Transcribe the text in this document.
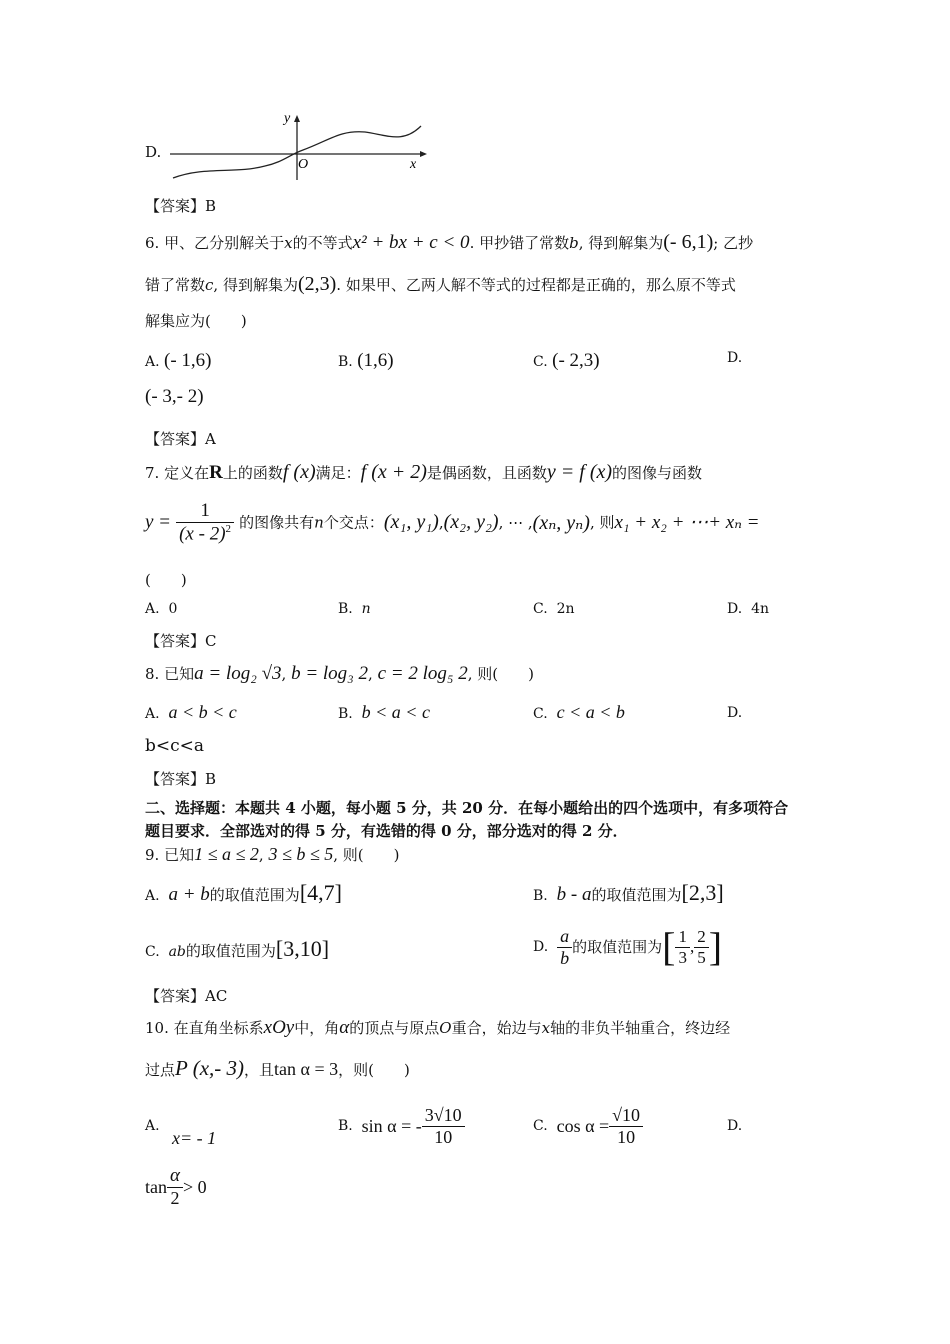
D.
y
x
O
【答案】B
6. 甲、乙分别解关于x的不等式x² + bx + c < 0. 甲抄错了常数b, 得到解集为(- 6,1); 乙抄
错了常数c, 得到解集为(2,3). 如果甲、乙两人解不等式的过程都是正确的，那么原不等式
解集应为(　　)
A. (- 1,6)	B. (1,6)	C. (- 2,3)	D.
(- 3,- 2)
【答案】A
7. 定义在R上的函数f (x)满足：f (x + 2)是偶函数，且函数y = f (x)的图像与函数
$y = \frac{1}{(x - 2)^2}$ 的图像共有n个交点：(x₁, y₁),(x₂, y₂), ⋯ ,(xₙ, yₙ), 则x₁ + x₂ + ⋯+ xₙ =
(　　)
A. 0	B. n	C. 2n	D. 4n
【答案】C
8. 已知a = log₂ √3, b = log₃ 2, c = 2 log₅ 2, 则(　　)
A. a < b < c	B. b < a < c	C. c < a < b	D.
b<c<a
【答案】B
二、选择题：本题共 4 小题，每小题 5 分，共 20 分．在每小题给出的四个选项中，有多项符合
题目要求．全部选对的得 5 分，有选错的得 0 分，部分选对的得 2 分．
9. 已知1 ≤ a ≤ 2, 3 ≤ b ≤ 5, 则(　　)
A. a + b的取值范围为[4,7]	B. b - a的取值范围为[2,3]
C. ab的取值范围为[3,10]	D.
$\frac{a}{b}$ 的取值范围为 [ $\frac{1}{3}$ , $\frac{2}{5}$ ]
【答案】AC
10. 在直角坐标系xOy中，角α的顶点与原点O重合，始边与x轴的非负半轴重合，终边经
过点P (x,- 3)，且tan α = 3，则(　　)
A.
x= - 1
B.
sin α = - $\frac{3√10}{10}$	C.
$\cos \alpha = \frac{√10}{10}$	D.
$\tan \frac{\alpha}{2} > 0$
